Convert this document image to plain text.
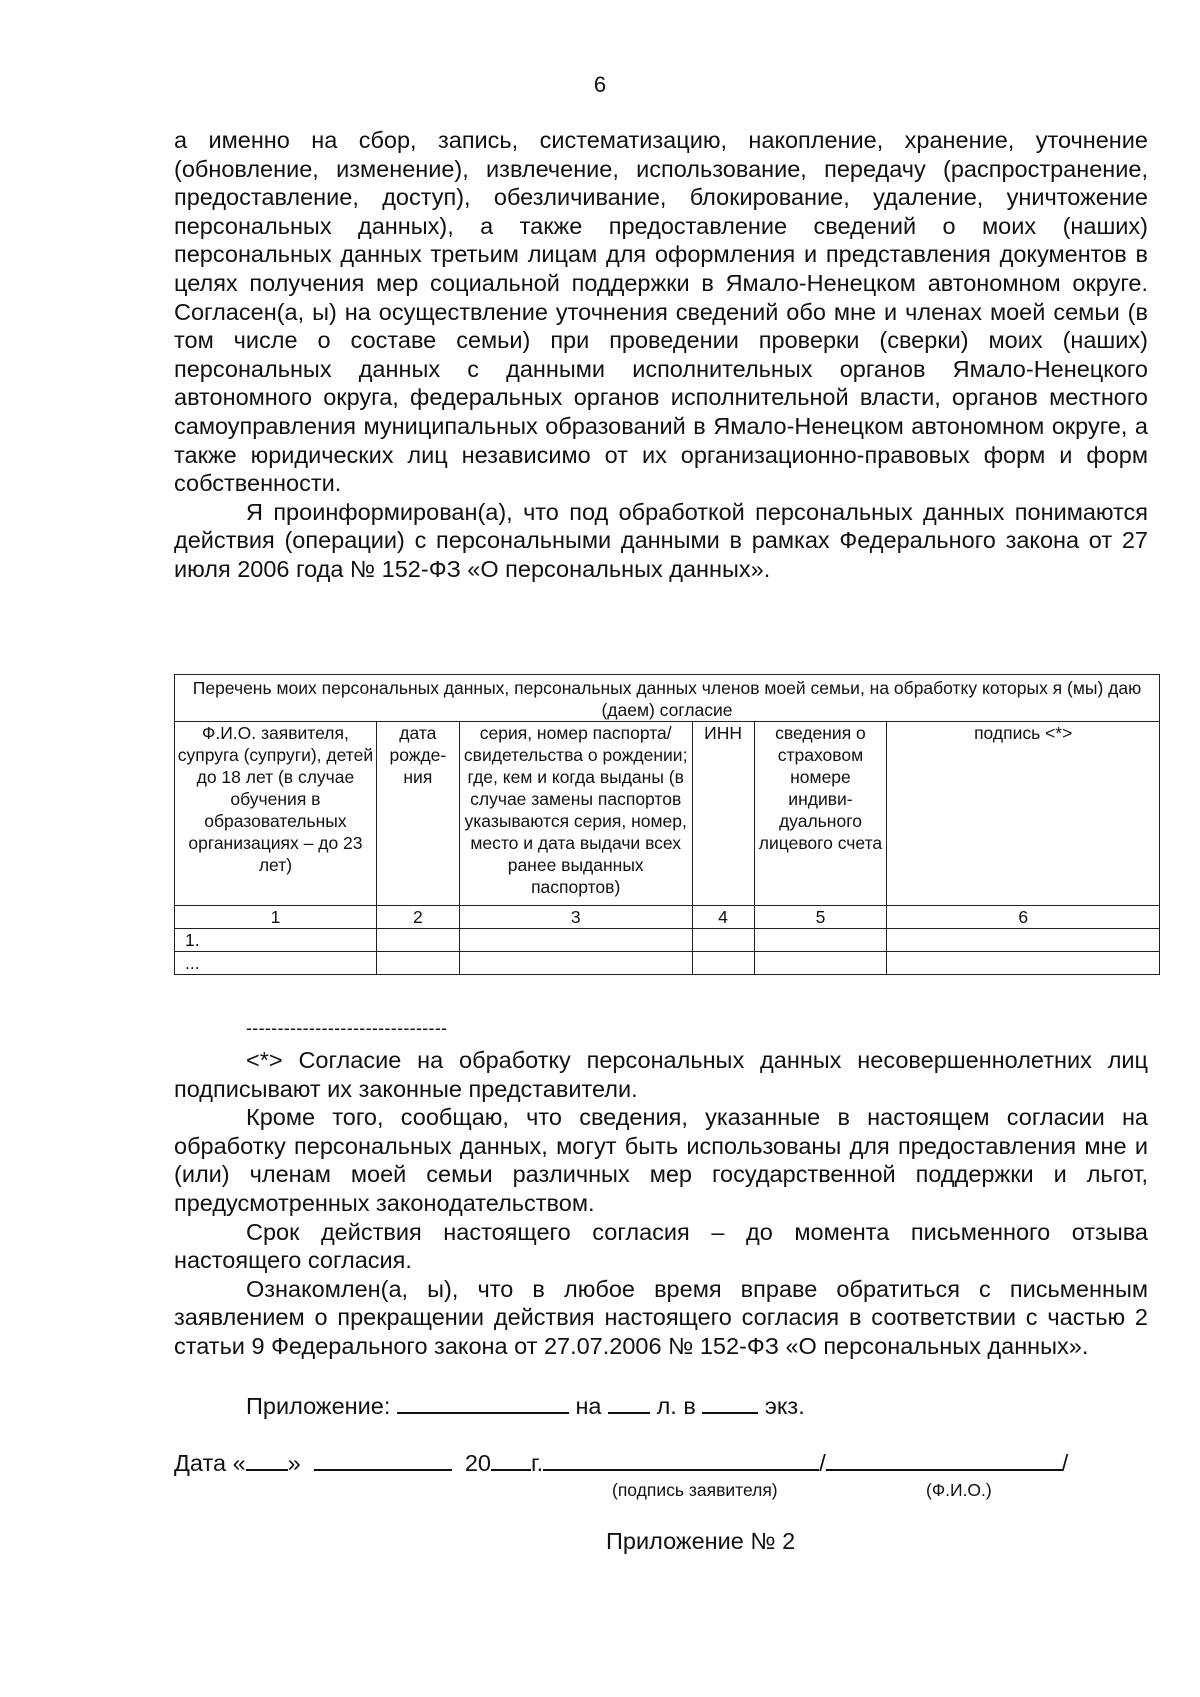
6

а именно на сбор, запись, систематизацию, накопление, хранение, уточнение (обновление, изменение), извлечение, использование, передачу (распространение, предоставление, доступ), обезличивание, блокирование, удаление, уничтожение персональных данных), а также предоставление сведений о моих (наших) персональных данных третьим лицам для оформления и представления документов в целях получения мер социальной поддержки в Ямало-Ненецком автономном округе. Согласен(а, ы) на осуществление уточнения сведений обо мне и членах моей семьи (в том числе о составе семьи) при проведении проверки (сверки) моих (наших) персональных данных с данными исполнительных органов Ямало-Ненецкого автономного округа, федеральных органов исполнительной власти, органов местного самоуправления муниципальных образований в Ямало-Ненецком автономном округе, а также юридических лиц независимо от их организационно-правовых форм и форм собственности.

Я проинформирован(а), что под обработкой персональных данных понимаются действия (операции) с персональными данными в рамках Федерального закона от 27 июля 2006 года № 152-ФЗ «О персональных данных».

Перечень моих персональных данных, персональных данных членов моей семьи, на обработку которых я (мы) даю (даем) согласие					
Ф.И.О. заявителя, супруга (супруги), детей до 18 лет (в случае обучения в образовательных организациях – до 23 лет)	дата рожде-ния	серия, номер паспорта/свидетельства о рождении; где, кем и когда выданы (в случае замены паспортов указываются серия, номер, место и дата выдачи всех ранее выданных паспортов)	ИНН	сведения о страховом номере индиви-дуального лицевого счета	подпись <*>
1	2	3	4	5	6
1.					
...					
--------------------------------

<*> Согласие на обработку персональных данных несовершеннолетних лиц подписывают их законные представители.

Кроме того, сообщаю, что сведения, указанные в настоящем согласии на обработку персональных данных, могут быть использованы для предоставления мне и (или) членам моей семьи различных мер государственной поддержки и льгот, предусмотренных законодательством.

Срок действия настоящего согласия – до момента письменного отзыва настоящего согласия.

Ознакомлен(а, ы), что в любое время вправе обратиться с письменным заявлением о прекращении действия настоящего согласия в соответствии с частью 2 статьи 9 Федерального закона от 27.07.2006 № 152-ФЗ «О персональных данных».

Приложение:	на л. в	экз.
Дата « »	20 г.	/	/
(подпись заявителя)	(Ф.И.О.)
Приложение № 2
